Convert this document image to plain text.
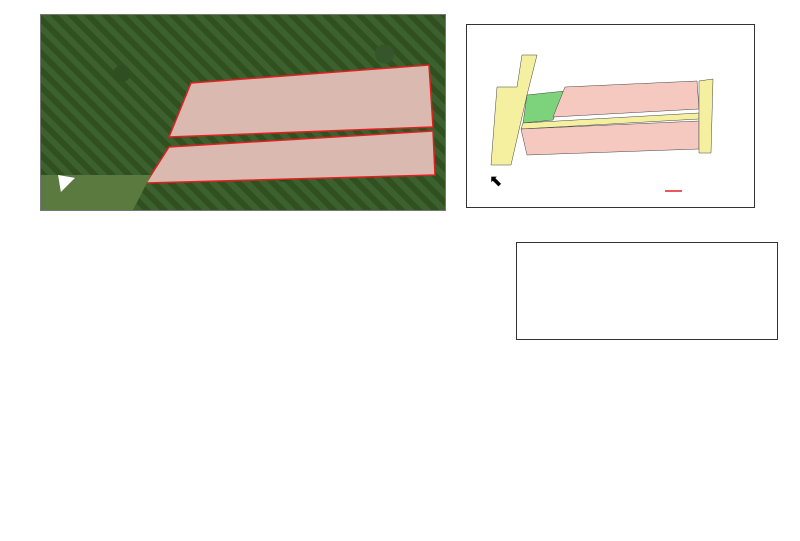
⬉
